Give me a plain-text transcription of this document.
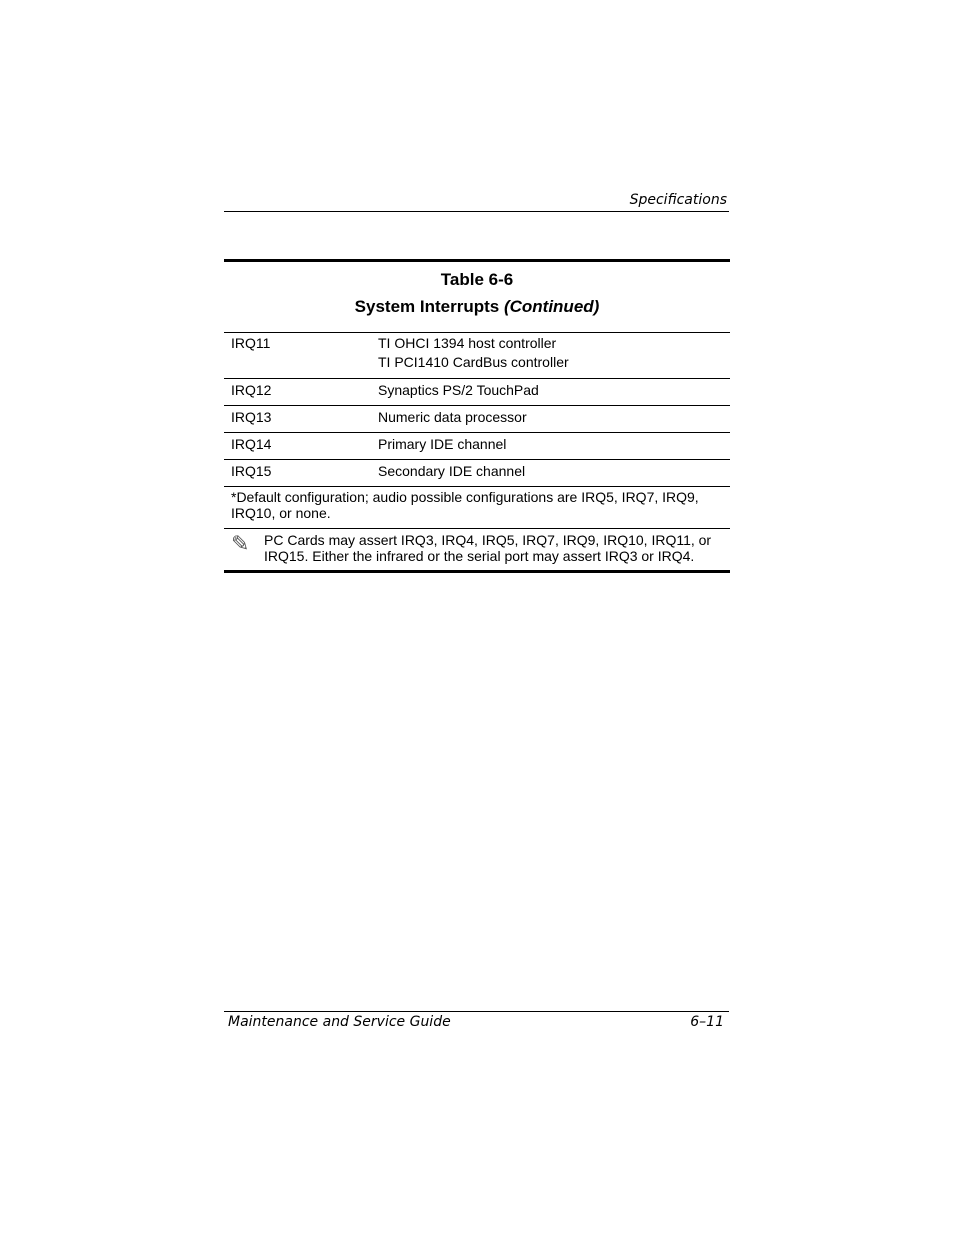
Specifications
Table 6-6
System Interrupts (Continued)
IRQ11	TI OHCI 1394 host controller
TI PCI1410 CardBus controller
IRQ12	Synaptics PS/2 TouchPad
IRQ13	Numeric data processor
IRQ14	Primary IDE channel
IRQ15	Secondary IDE channel
*Default configuration; audio possible configurations are IRQ5, IRQ7, IRQ9, IRQ10, or none.
✎	PC Cards may assert IRQ3, IRQ4, IRQ5, IRQ7, IRQ9, IRQ10, IRQ11, or IRQ15. Either the infrared or the serial port may assert IRQ3 or IRQ4.
Maintenance and Service Guide	6–11
